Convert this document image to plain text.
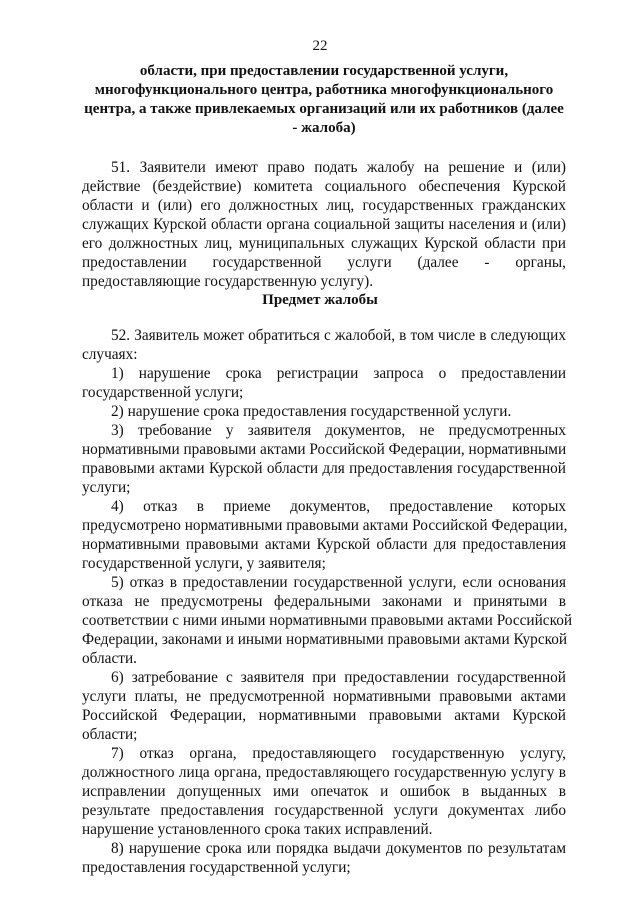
22
области, при предоставлении государственной услуги,
многофункционального центра, работника многофункционального
центра, а также привлекаемых организаций или их работников (далее
- жалоба)

51. Заявители имеют право подать жалобу на решение и (или)

действие (бездействие) комитета социального обеспечения Курской

области и (или) его должностных лиц, государственных гражданских

служащих Курской области органа социальной защиты населения и (или)

его должностных лиц, муниципальных служащих Курской области при

предоставлении государственной услуги (далее - органы,

предоставляющие государственную услугу).

Предмет жалобы

52. Заявитель может обратиться с жалобой, в том числе в следующих

случаях:

1) нарушение срока регистрации запроса о предоставлении

государственной услуги;

2) нарушение срока предоставления государственной услуги.

3) требование у заявителя документов, не предусмотренных

нормативными правовыми актами Российской Федерации, нормативными

правовыми актами Курской области для предоставления государственной

услуги;

4) отказ в приеме документов, предоставление которых

предусмотрено нормативными правовыми актами Российской Федерации,

нормативными правовыми актами Курской области для предоставления

государственной услуги, у заявителя;

5) отказ в предоставлении государственной услуги, если основания

отказа не предусмотрены федеральными законами и принятыми в

соответствии с ними иными нормативными правовыми актами Российской

Федерации, законами и иными нормативными правовыми актами Курской

области.

6) затребование с заявителя при предоставлении государственной

услуги платы, не предусмотренной нормативными правовыми актами

Российской Федерации, нормативными правовыми актами Курской

области;

7) отказ органа, предоставляющего государственную услугу,

должностного лица органа, предоставляющего государственную услугу в

исправлении допущенных ими опечаток и ошибок в выданных в

результате предоставления государственной услуги документах либо

нарушение установленного срока таких исправлений.

8) нарушение срока или порядка выдачи документов по результатам

предоставления государственной услуги;
